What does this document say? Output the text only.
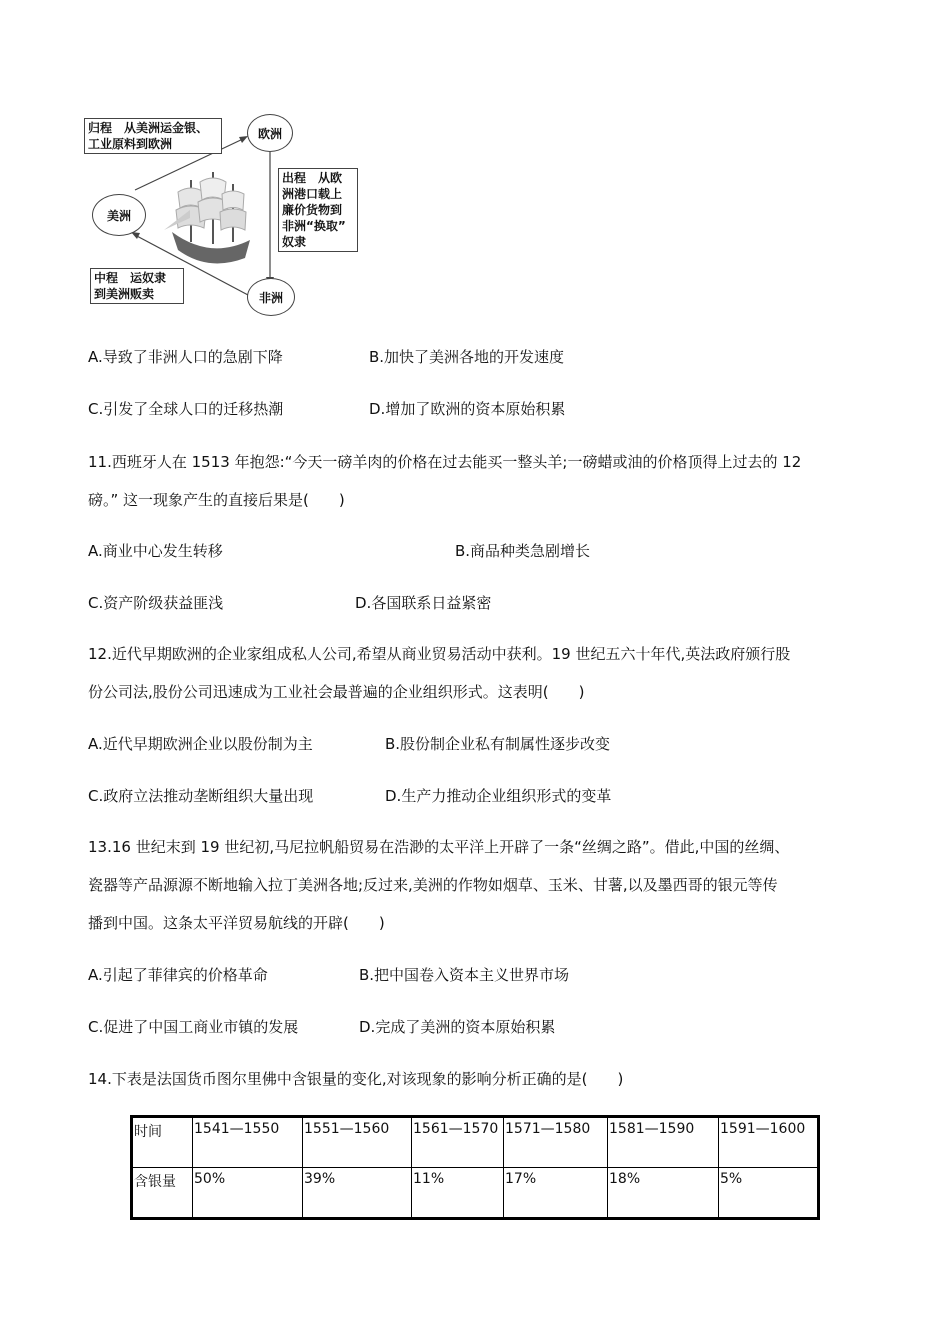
归程　从美洲运金银、
工业原料到欧洲
欧洲
美洲
非洲
出程　从欧
洲港口载上
廉价货物到
非洲“换取”
奴隶
中程　运奴隶
到美洲贩卖
A.导致了非洲人口的急剧下降	B.加快了美洲各地的开发速度
C.引发了全球人口的迁移热潮	D.增加了欧洲的资本原始积累
11.西班牙人在 1513 年抱怨:“今天一磅羊肉的价格在过去能买一整头羊;一磅蜡或油的价格顶得上过去的 12
磅。” 这一现象产生的直接后果是(　　)
A.商业中心发生转移	B.商品种类急剧增长
C.资产阶级获益匪浅	D.各国联系日益紧密
12.近代早期欧洲的企业家组成私人公司,希望从商业贸易活动中获利。19 世纪五六十年代,英法政府颁行股
份公司法,股份公司迅速成为工业社会最普遍的企业组织形式。这表明(　　)
A.近代早期欧洲企业以股份制为主	B.股份制企业私有制属性逐步改变
C.政府立法推动垄断组织大量出现	D.生产力推动企业组织形式的变革
13.16 世纪末到 19 世纪初,马尼拉帆船贸易在浩渺的太平洋上开辟了一条“丝绸之路”。借此,中国的丝绸、
瓷器等产品源源不断地输入拉丁美洲各地;反过来,美洲的作物如烟草、玉米、甘薯,以及墨西哥的银元等传
播到中国。这条太平洋贸易航线的开辟(　　)
A.引起了菲律宾的价格革命	B.把中国卷入资本主义世界市场
C.促进了中国工商业市镇的发展	D.完成了美洲的资本原始积累
14.下表是法国货币图尔里佛中含银量的变化,对该现象的影响分析正确的是(　　)
时间	1541—1550	1551—1560	1561—1570	1571—1580	1581—1590	1591—1600
含银量	50%	39%	11%	17%	18%	5%
